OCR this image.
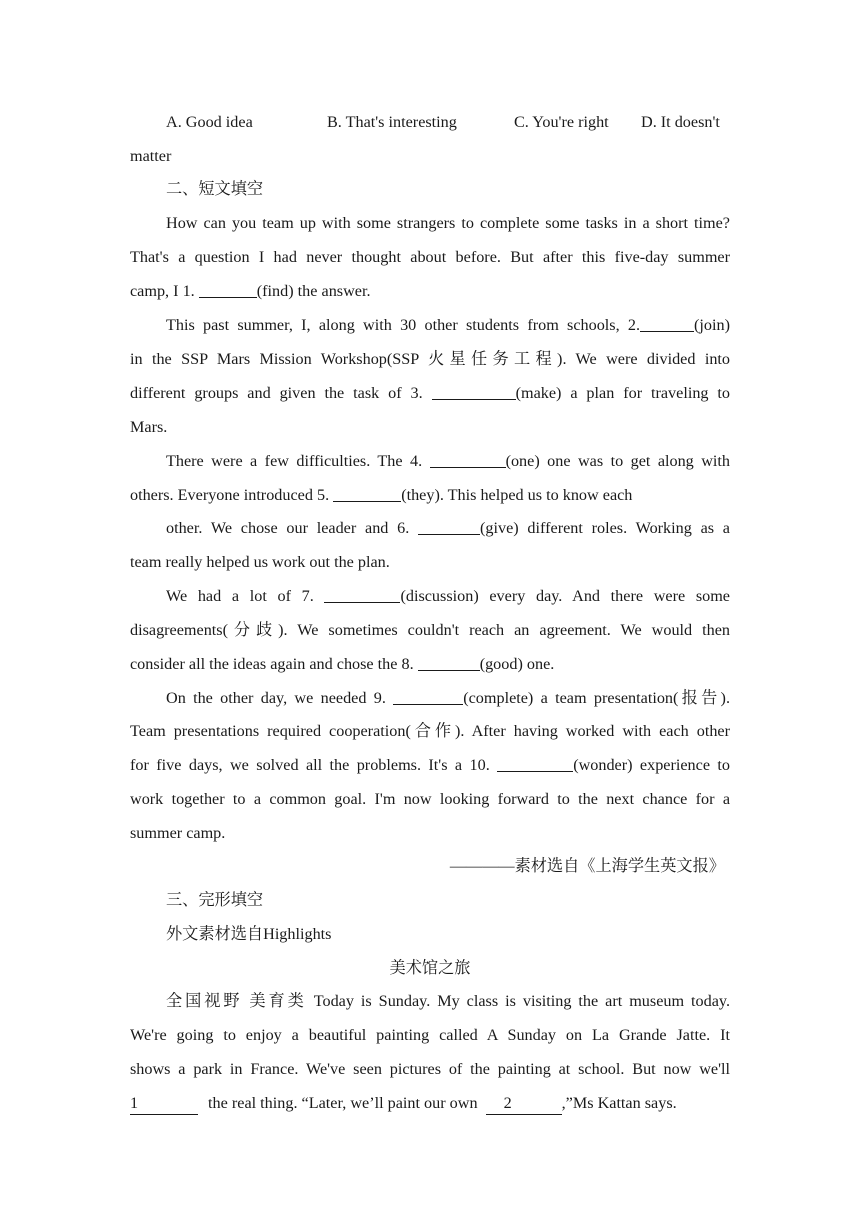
A. Good idea	B. That's interesting	C. You're right D. It doesn't
matter
二、短文填空
How can you team up with some strangers to complete some tasks in a short time?
That's a question I had never thought about before. But after this five-day summer
camp, I 1.	(find) the answer.
This past summer, I, along with 30 other students from schools, 2.	(join)
in the SSP Mars Mission Workshop(SSP 火星任务工程). We were divided into
different groups and given the task of 3.	(make) a plan for traveling to
Mars.
There were a few difficulties. The 4.	(one) one was to get along with
others. Everyone introduced 5.	(they). This helped us to know each
other. We chose our leader and 6.	(give) different roles. Working as a
team really helped us work out the plan.
We had a lot of 7.	(discussion) every day. And there were some
disagreements(分歧). We sometimes couldn't reach an agreement. We would then
consider all the ideas again and chose the 8.	(good) one.
On the other day, we needed 9.	(complete) a team presentation(报告).
Team presentations required cooperation(合作). After having worked with each other
for five days, we solved all the problems. It's a 10.	(wonder) experience to
work together to a common goal. I'm now looking forward to the next chance for a
summer camp.
————素材选自《上海学生英文报》
三、完形填空
外文素材选自Highlights
美术馆之旅
全国视野 美育类 Today is Sunday. My class is visiting the art museum today.
We're going to enjoy a beautiful painting called A Sunday on La Grande Jatte. It
shows a park in France. We've seen pictures of the painting at school. But now we'll
1	the real thing. “Later, we’ll paint our own 2	,”Ms Kattan says.
